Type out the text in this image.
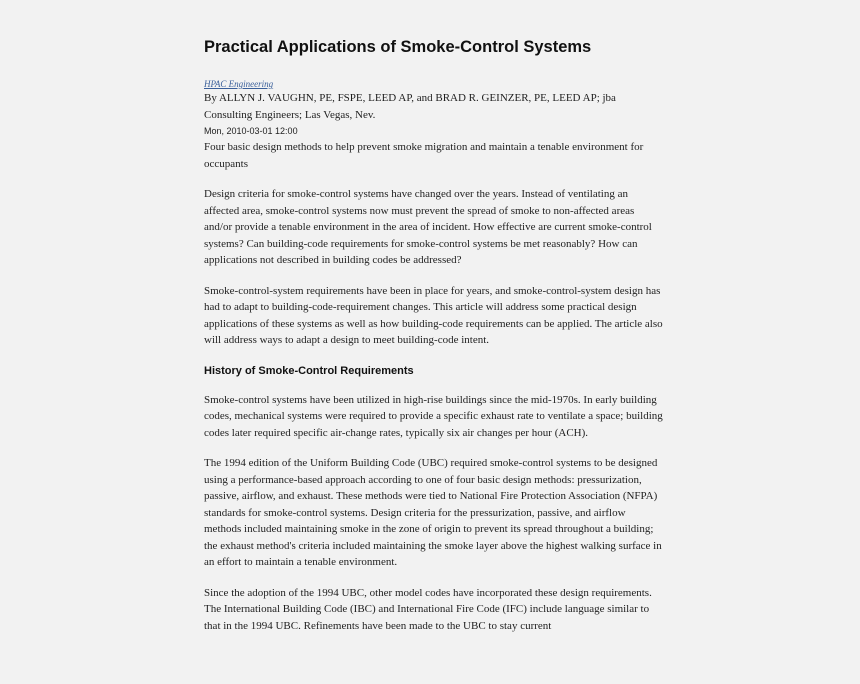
Practical Applications of Smoke-Control Systems

HPAC Engineering

By ALLYN J. VAUGHN, PE, FSPE, LEED AP, and BRAD R. GEINZER, PE, LEED AP; jba Consulting Engineers; Las Vegas, Nev.

Mon, 2010-03-01 12:00

Four basic design methods to help prevent smoke migration and maintain a tenable environment for occupants

Design criteria for smoke-control systems have changed over the years. Instead of ventilating an affected area, smoke-control systems now must prevent the spread of smoke to non-affected areas and/or provide a tenable environment in the area of incident. How effective are current smoke-control systems? Can building-code requirements for smoke-control systems be met reasonably? How can applications not described in building codes be addressed?

Smoke-control-system requirements have been in place for years, and smoke-control-system design has had to adapt to building-code-requirement changes. This article will address some practical design applications of these systems as well as how building-code requirements can be applied. The article also will address ways to adapt a design to meet building-code intent.

History of Smoke-Control Requirements

Smoke-control systems have been utilized in high-rise buildings since the mid-1970s. In early building codes, mechanical systems were required to provide a specific exhaust rate to ventilate a space; building codes later required specific air-change rates, typically six air changes per hour (ACH).

The 1994 edition of the Uniform Building Code (UBC) required smoke-control systems to be designed using a performance-based approach according to one of four basic design methods: pressurization, passive, airflow, and exhaust. These methods were tied to National Fire Protection Association (NFPA) standards for smoke-control systems. Design criteria for the pressurization, passive, and airflow methods included maintaining smoke in the zone of origin to prevent its spread throughout a building; the exhaust method's criteria included maintaining the smoke layer above the highest walking surface in an effort to maintain a tenable environment.

Since the adoption of the 1994 UBC, other model codes have incorporated these design requirements. The International Building Code (IBC) and International Fire Code (IFC) include language similar to that in the 1994 UBC. Refinements have been made to the UBC to stay current
